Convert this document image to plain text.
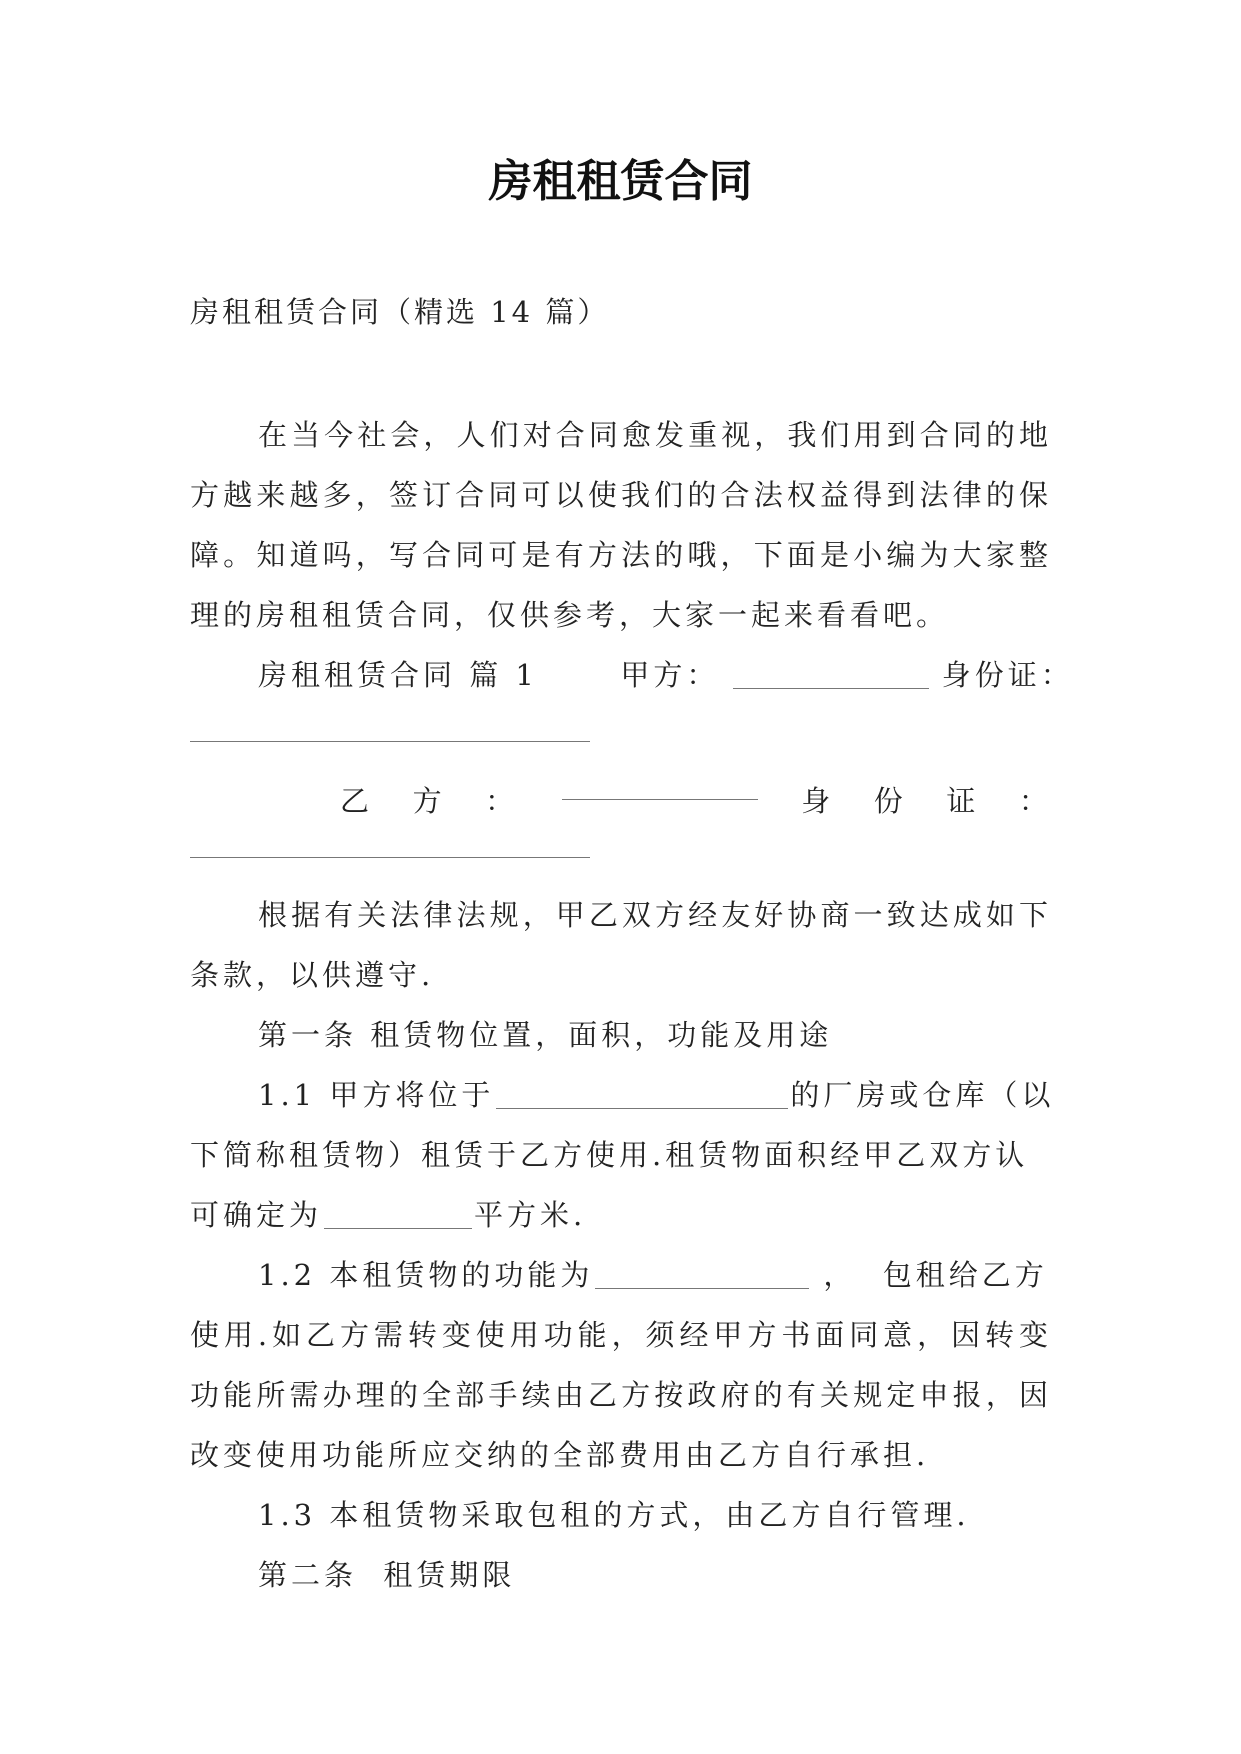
房租租赁合同
房租租赁合同（精选 14 篇）

在当今社会，人们对合同愈发重视，我们用到合同的地方越来越多，签订合同可以使我们的合法权益得到法律的保障。知道吗，写合同可是有方法的哦，下面是小编为大家整理的房租租赁合同，仅供参考，大家一起来看看吧。

房租租赁合同 篇 1	甲方：	身份证：
乙 方 ：	身 份 证 ：

根据有关法律法规，甲乙双方经友好协商一致达成如下条款，以供遵守.

第一条 租赁物位置，面积，功能及用途
1.1 甲方将位于	的厂房或仓库（以
下简称租赁物）租赁于乙方使用.租赁物面积经甲乙双方认
可确定为	平方米.
1.2 本租赁物的功能为	，  包租给乙方

使用.如乙方需转变使用功能，须经甲方书面同意，因转变功能所需办理的全部手续由乙方按政府的有关规定申报，因改变使用功能所应交纳的全部费用由乙方自行承担.

1.3 本租赁物采取包租的方式，由乙方自行管理.
第二条  租赁期限
